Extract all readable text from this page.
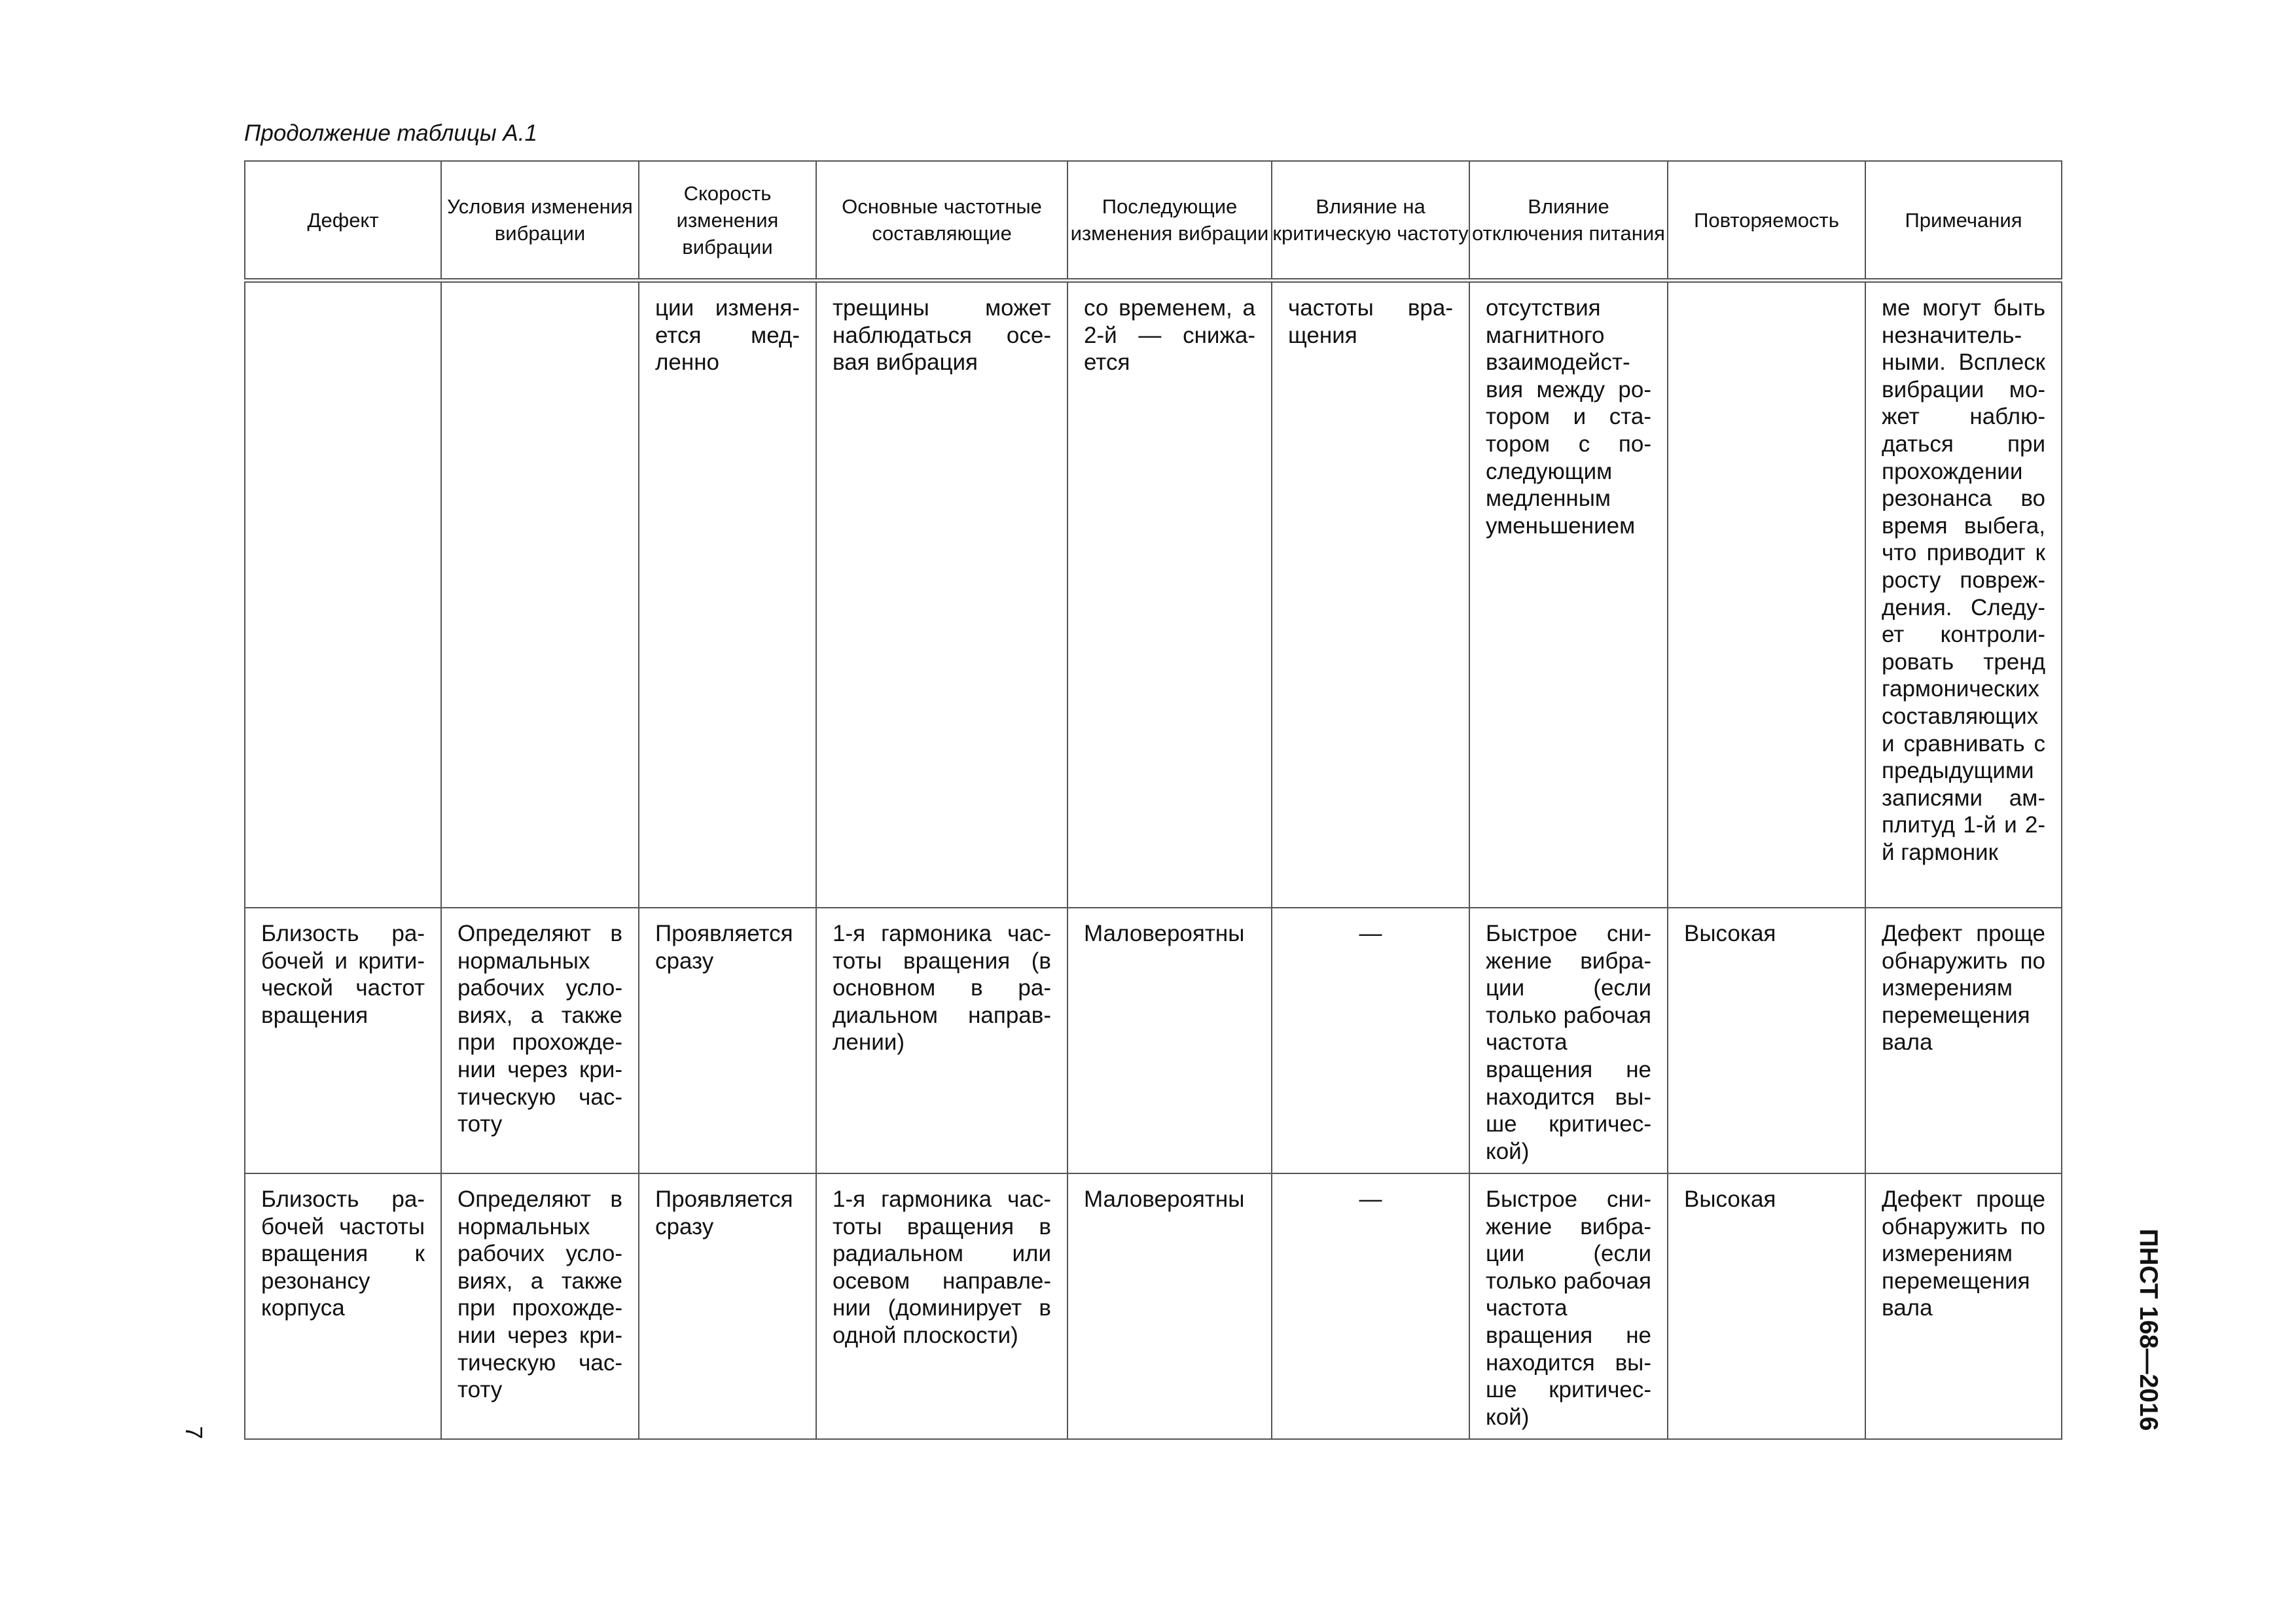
Продолжение таблицы А.1
Дефект	Условия изменения вибрации	Скорость изменения вибрации	Основные частотные составляющие	Последующие изменения вибрации	Влияние на критическую частоту	Влияние отключения питания	Повторяемость	Примечания

		ции изменяется медленно	трещины может наблюдаться осевая вибрация	со временем, а 2-й — снижается	частоты вращения	отсутствия магнитного взаимодействия между ротором и статором с последующим медленным уменьшением		ме могут быть незначительными. Всплеск вибрации может наблюдаться при прохождении резонанса во время выбега, что приводит к росту повреждения. Следует контролировать тренд гармонических составляющих и сравнивать с предыдущими записями амплитуд 1-й и 2-й гармоник

Близость рабочей и критической частот вращения	Определяют в нормальных рабочих условиях, а также при прохождении через критическую частоту	Проявляется сразу	1-я гармоника частоты вращения (в основном в радиальном направлении)	Маловероятны	—	Быстрое снижение вибрации (если только рабочая частота вращения не находится выше критической)	Высокая	Дефект проще обнаружить по измерениям перемещения вала

Близость рабочей частоты вращения к резонансу корпуса	Определяют в нормальных рабочих условиях, а также при прохождении через критическую частоту	Проявляется сразу	1-я гармоника частоты вращения в радиальном или осевом направлении (доминирует в одной плоскости)	Маловероятны	—	Быстрое снижение вибрации (если только рабочая частота вращения не находится выше критической)	Высокая	Дефект проще обнаружить по измерениям перемещения вала	ПНСТ 168—2016
7
